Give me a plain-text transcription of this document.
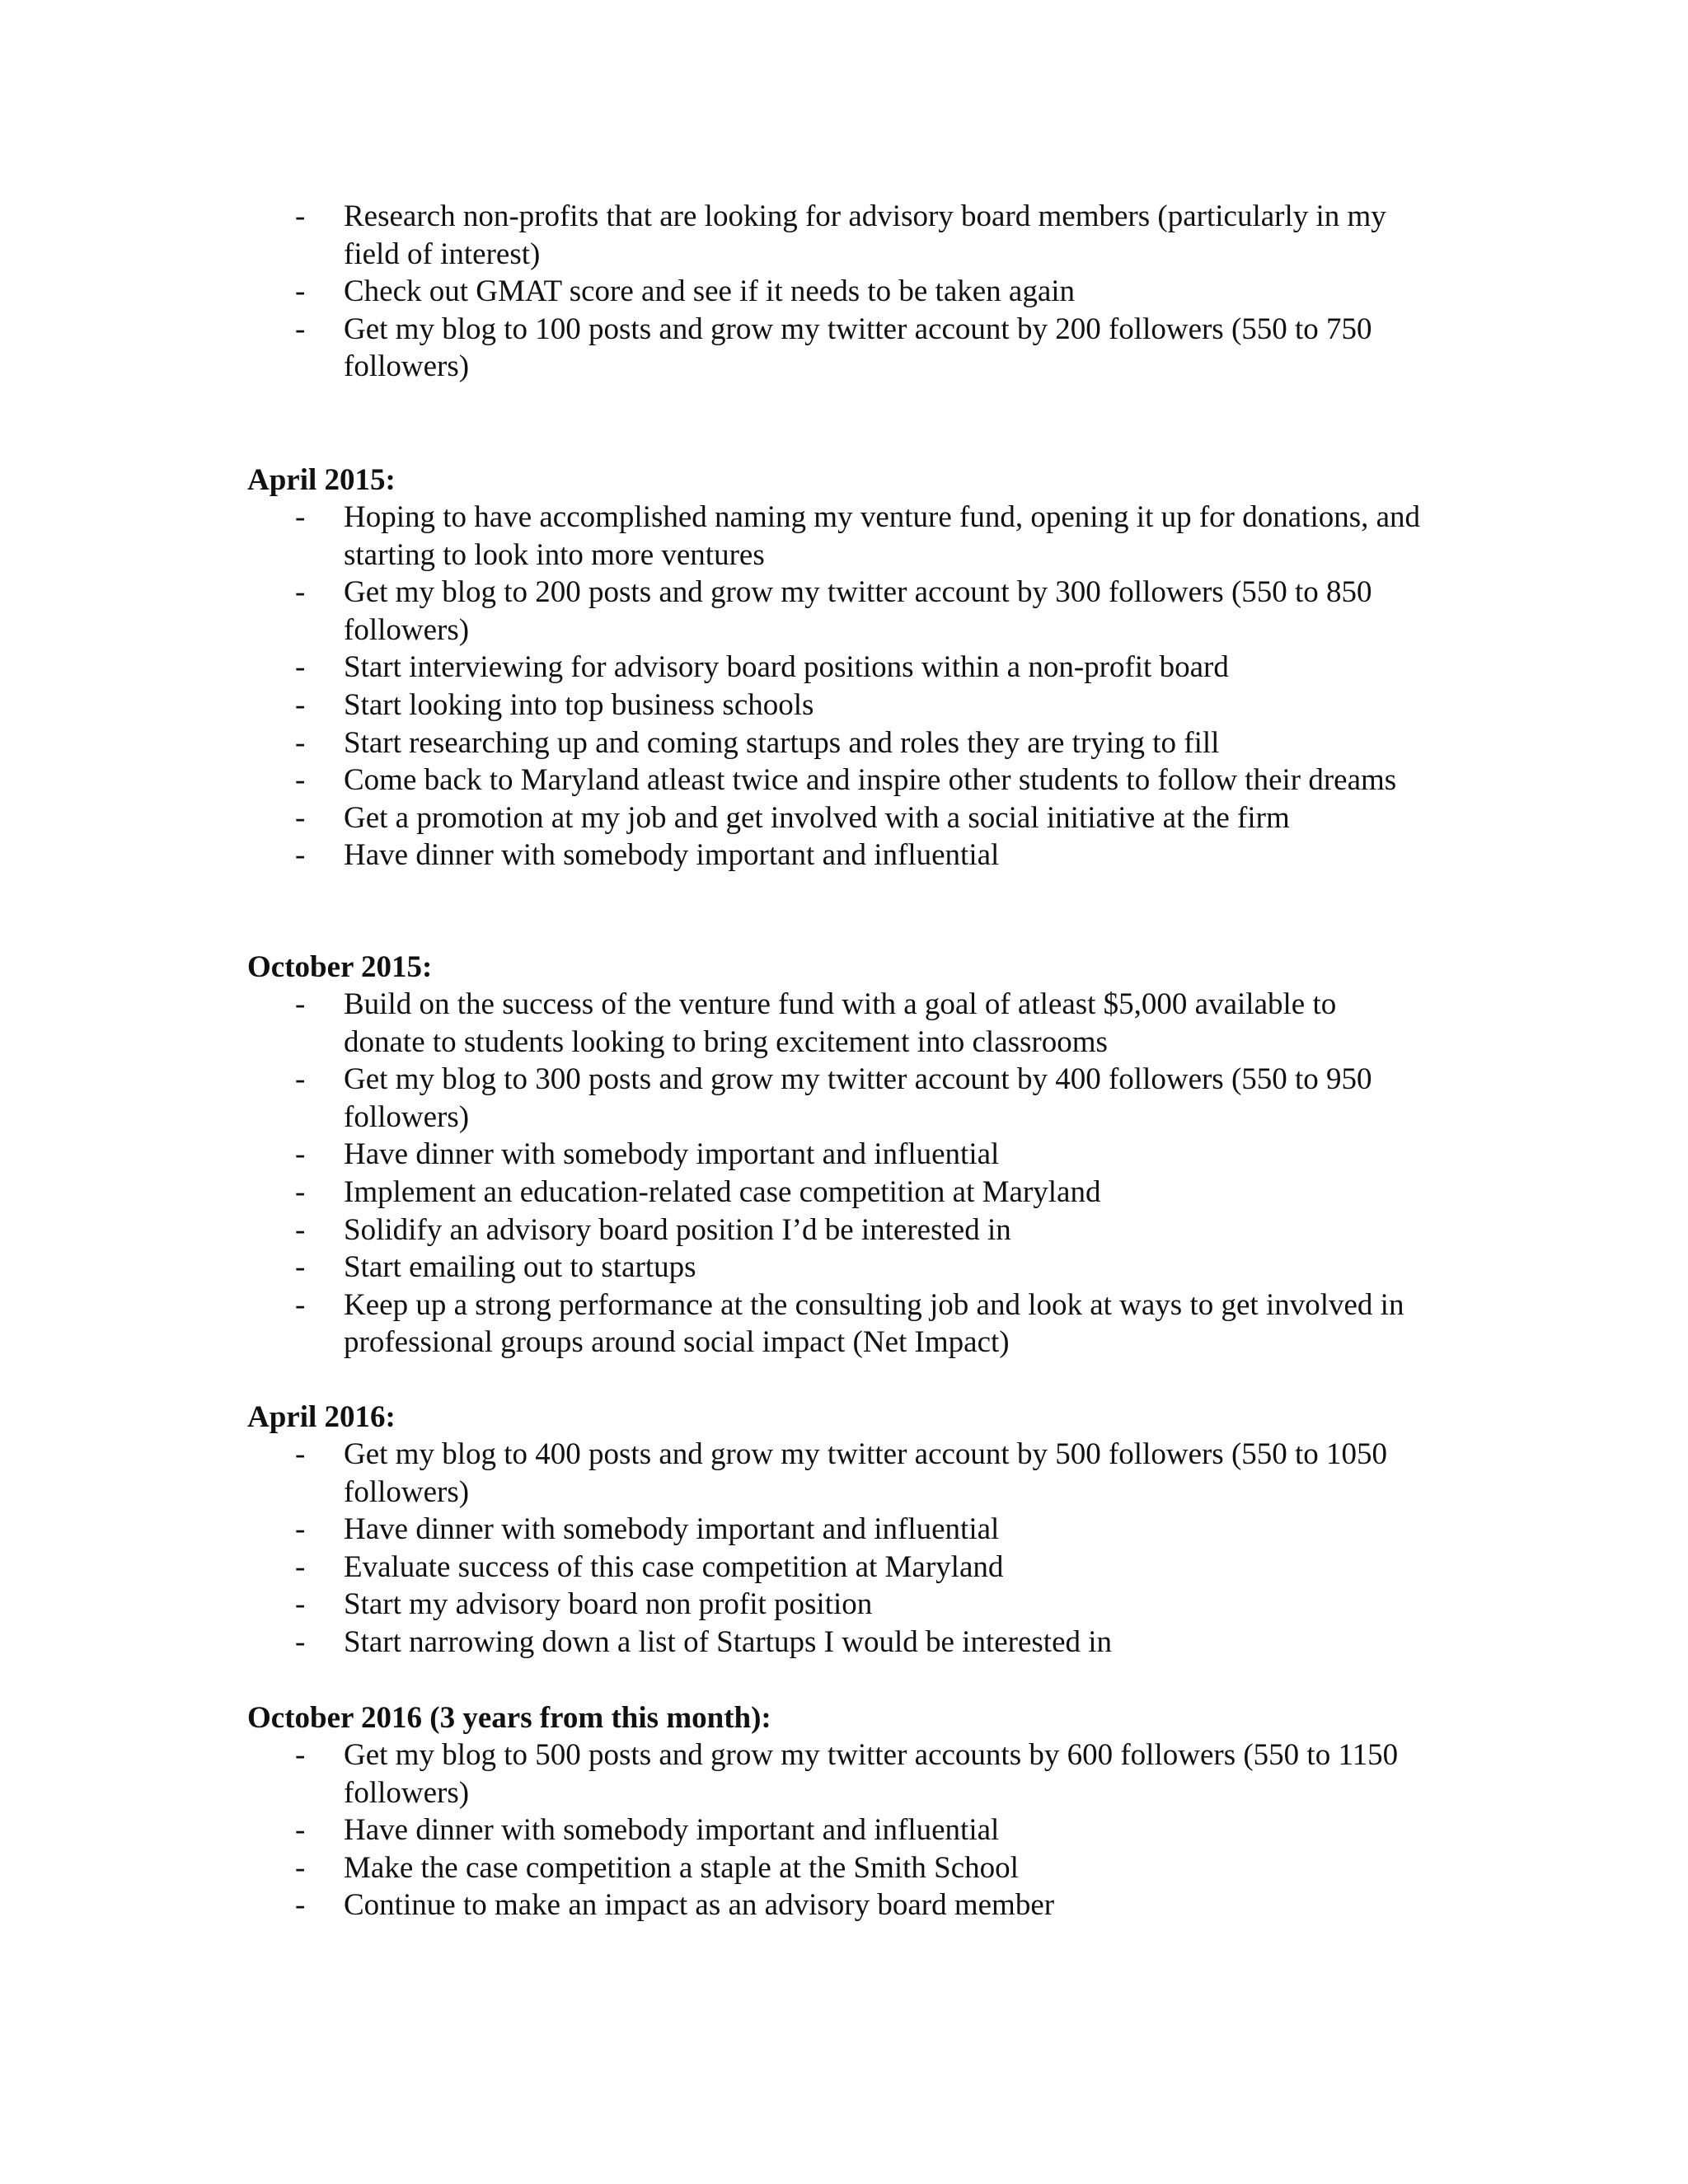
- Research non-profits that are looking for advisory board members (particularly in my field of interest)
- Check out GMAT score and see if it needs to be taken again
- Get my blog to 100 posts and grow my twitter account by 200 followers (550 to 750 followers)
April 2015:
- Hoping to have accomplished naming my venture fund, opening it up for donations, and starting to look into more ventures
- Get my blog to 200 posts and grow my twitter account by 300 followers (550 to 850 followers)
- Start interviewing for advisory board positions within a non-profit board
- Start looking into top business schools
- Start researching up and coming startups and roles they are trying to fill
- Come back to Maryland atleast twice and inspire other students to follow their dreams
- Get a promotion at my job and get involved with a social initiative at the firm
- Have dinner with somebody important and influential
October 2015:
- Build on the success of the venture fund with a goal of atleast $5,000 available to donate to students looking to bring excitement into classrooms
- Get my blog to 300 posts and grow my twitter account by 400 followers (550 to 950 followers)
- Have dinner with somebody important and influential
- Implement an education-related case competition at Maryland
- Solidify an advisory board position I’d be interested in
- Start emailing out to startups
- Keep up a strong performance at the consulting job and look at ways to get involved in professional groups around social impact (Net Impact)
April 2016:
- Get my blog to 400 posts and grow my twitter account by 500 followers (550 to 1050 followers)
- Have dinner with somebody important and influential
- Evaluate success of this case competition at Maryland
- Start my advisory board non profit position
- Start narrowing down a list of Startups I would be interested in
October 2016 (3 years from this month):
- Get my blog to 500 posts and grow my twitter accounts by 600 followers (550 to 1150 followers)
- Have dinner with somebody important and influential
- Make the case competition a staple at the Smith School
- Continue to make an impact as an advisory board member
